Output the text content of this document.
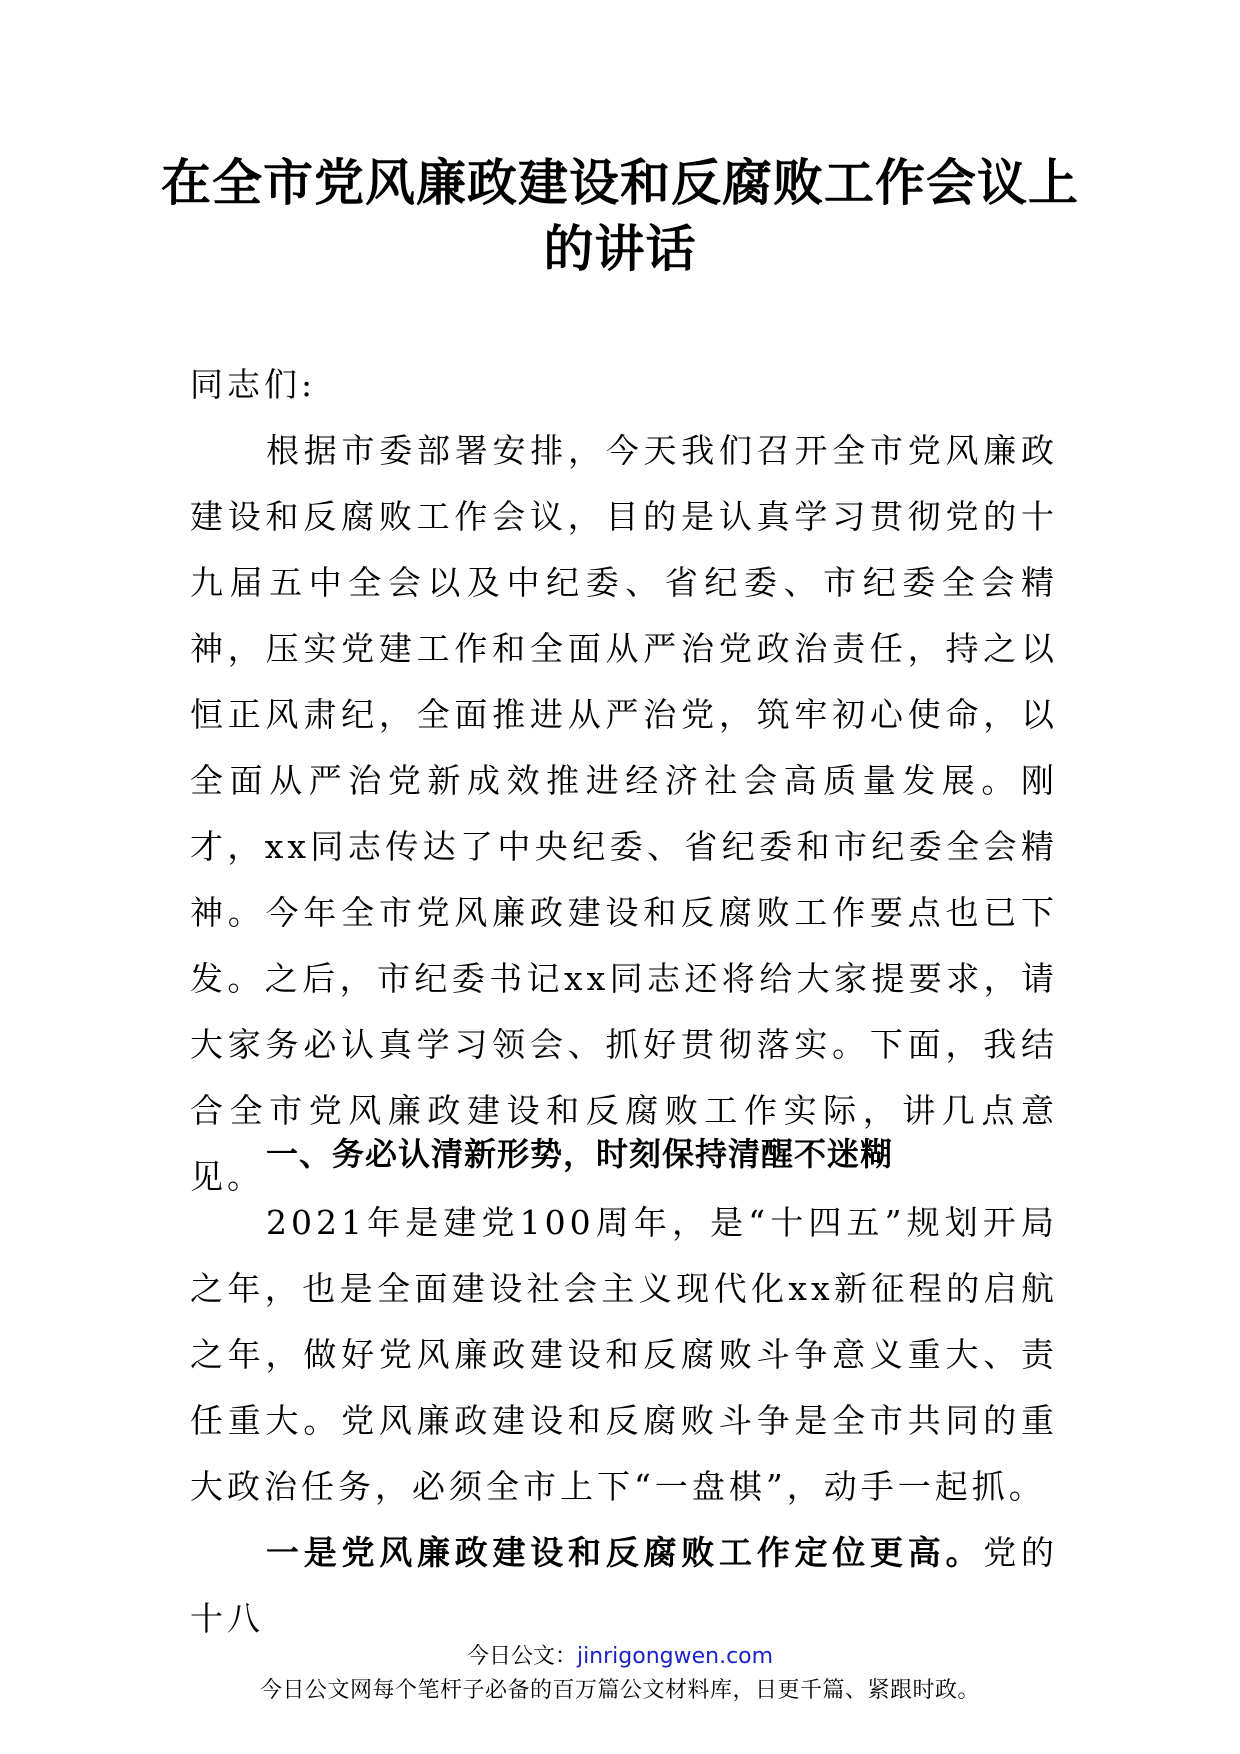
在全市党风廉政建设和反腐败工作会议上
的讲话

同志们:

根据市委部署安排，今天我们召开全市党风廉政建设和反腐败工作会议，目的是认真学习贯彻党的十九届五中全会以及中纪委、省纪委、市纪委全会精神，压实党建工作和全面从严治党政治责任，持之以恒正风肃纪，全面推进从严治党，筑牢初心使命，以全面从严治党新成效推进经济社会高质量发展。刚才，xx同志传达了中央纪委、省纪委和市纪委全会精神。今年全市党风廉政建设和反腐败工作要点也已下发。之后，市纪委书记xx同志还将给大家提要求，请大家务必认真学习领会、抓好贯彻落实。下面，我结合全市党风廉政建设和反腐败工作实际，讲几点意见。

一、务必认清新形势，时刻保持清醒不迷糊

2021年是建党100周年，是“十四五”规划开局之年，也是全面建设社会主义现代化xx新征程的启航之年，做好党风廉政建设和反腐败斗争意义重大、责任重大。党风廉政建设和反腐败斗争是全市共同的重大政治任务，必须全市上下“一盘棋”，动手一起抓。

一是党风廉政建设和反腐败工作定位更高。党的十八

今日公文：jinrigongwen.com
今日公文网每个笔杆子必备的百万篇公文材料库，日更千篇、紧跟时政。
